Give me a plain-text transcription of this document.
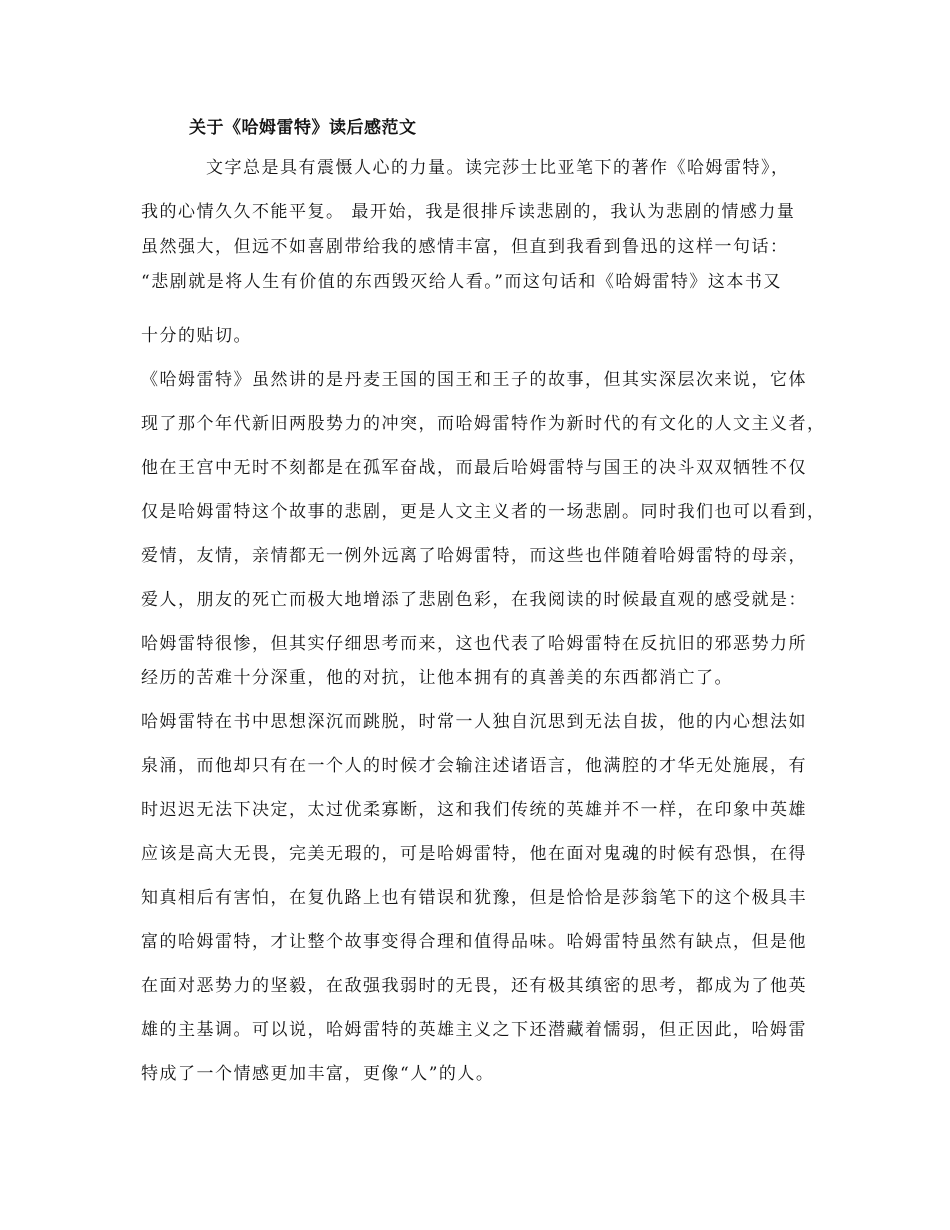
关于《哈姆雷特》读后感范文
文字总是具有震慑人心的力量。读完莎士比亚笔下的著作《哈姆雷特》，
我的心情久久不能平复。 最开始，我是很排斥读悲剧的，我认为悲剧的情感力量
虽然强大，但远不如喜剧带给我的感情丰富，但直到我看到鲁迅的这样一句话：
“悲剧就是将人生有价值的东西毁灭给人看。”而这句话和《哈姆雷特》这本书又
十分的贴切。
《哈姆雷特》虽然讲的是丹麦王国的国王和王子的故事，但其实深层次来说，它体
现了那个年代新旧两股势力的冲突，而哈姆雷特作为新时代的有文化的人文主义者，
他在王宫中无时不刻都是在孤军奋战，而最后哈姆雷特与国王的决斗双双牺牲不仅
仅是哈姆雷特这个故事的悲剧，更是人文主义者的一场悲剧。同时我们也可以看到，
爱情，友情，亲情都无一例外远离了哈姆雷特，而这些也伴随着哈姆雷特的母亲，
爱人，朋友的死亡而极大地增添了悲剧色彩，在我阅读的时候最直观的感受就是：
哈姆雷特很惨，但其实仔细思考而来，这也代表了哈姆雷特在反抗旧的邪恶势力所
经历的苦难十分深重，他的对抗，让他本拥有的真善美的东西都消亡了。
哈姆雷特在书中思想深沉而跳脱，时常一人独自沉思到无法自拔，他的内心想法如
泉涌，而他却只有在一个人的时候才会输注述诸语言，他满腔的才华无处施展，有
时迟迟无法下决定，太过优柔寡断，这和我们传统的英雄并不一样，在印象中英雄
应该是高大无畏，完美无瑕的，可是哈姆雷特，他在面对鬼魂的时候有恐惧，在得
知真相后有害怕，在复仇路上也有错误和犹豫，但是恰恰是莎翁笔下的这个极具丰
富的哈姆雷特，才让整个故事变得合理和值得品味。哈姆雷特虽然有缺点，但是他
在面对恶势力的坚毅，在敌强我弱时的无畏，还有极其缜密的思考，都成为了他英
雄的主基调。可以说，哈姆雷特的英雄主义之下还潜藏着懦弱，但正因此，哈姆雷
特成了一个情感更加丰富，更像“人”的人。
